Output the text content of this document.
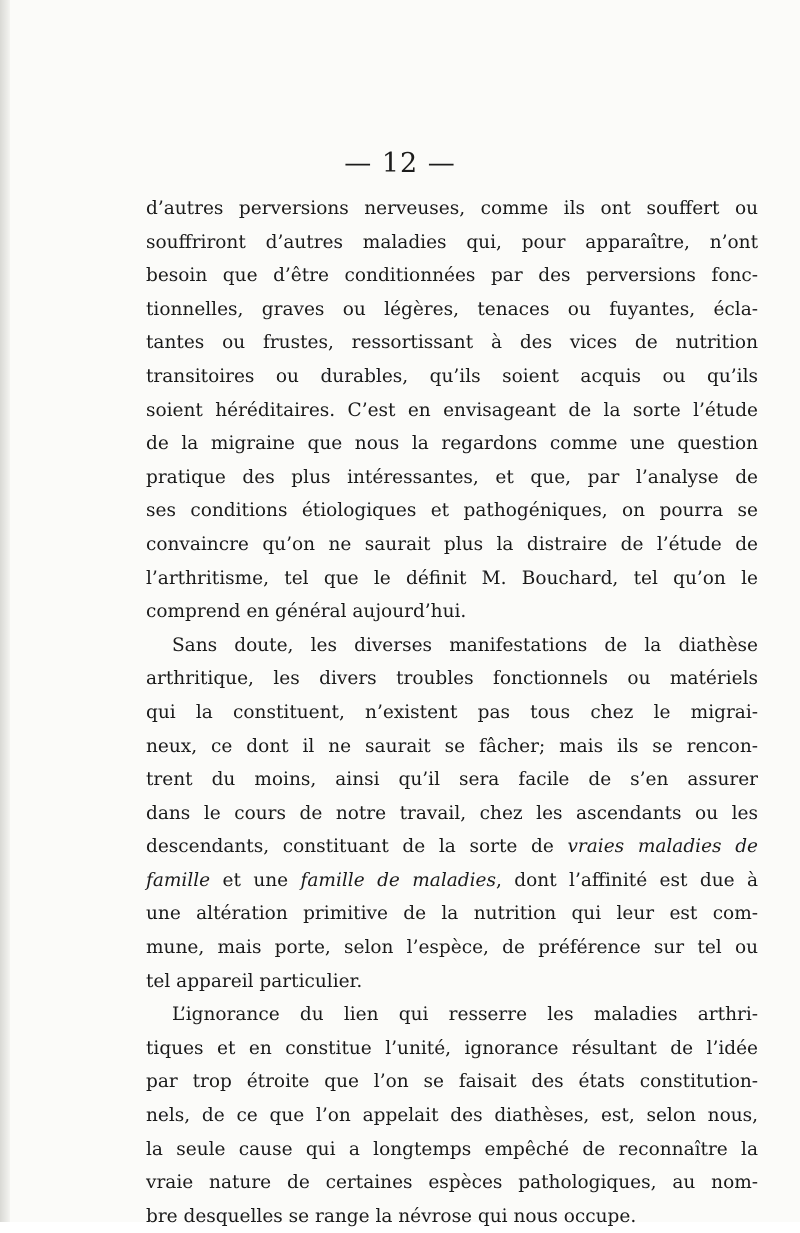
— 12 —
d’autres perversions nerveuses, comme ils ont souffert ou
souffriront d’autres maladies qui, pour apparaître, n’ont
besoin que d’être conditionnées par des perversions fonc-
tionnelles, graves ou légères, tenaces ou fuyantes, écla-
tantes ou frustes, ressortissant à des vices de nutrition
transitoires ou durables, qu’ils soient acquis ou qu’ils
soient héréditaires. C’est en envisageant de la sorte l’étude
de la migraine que nous la regardons comme une question
pratique des plus intéressantes, et que, par l’analyse de
ses conditions étiologiques et pathogéniques, on pourra se
convaincre qu’on ne saurait plus la distraire de l’étude de
l’arthritisme, tel que le définit M. Bouchard, tel qu’on le
comprend en général aujourd’hui.
Sans doute, les diverses manifestations de la diathèse
arthritique, les divers troubles fonctionnels ou matériels
qui la constituent, n’existent pas tous chez le migrai-
neux, ce dont il ne saurait se fâcher; mais ils se rencon-
trent du moins, ainsi qu’il sera facile de s’en assurer
dans le cours de notre travail, chez les ascendants ou les
descendants, constituant de la sorte de vraies maladies de
famille et une famille de maladies, dont l’affinité est due à
une altération primitive de la nutrition qui leur est com-
mune, mais porte, selon l’espèce, de préférence sur tel ou
tel appareil particulier.
L’ignorance du lien qui resserre les maladies arthri-
tiques et en constitue l’unité, ignorance résultant de l’idée
par trop étroite que l’on se faisait des états constitution-
nels, de ce que l’on appelait des diathèses, est, selon nous,
la seule cause qui a longtemps empêché de reconnaître la
vraie nature de certaines espèces pathologiques, au nom-
bre desquelles se range la névrose qui nous occupe.
